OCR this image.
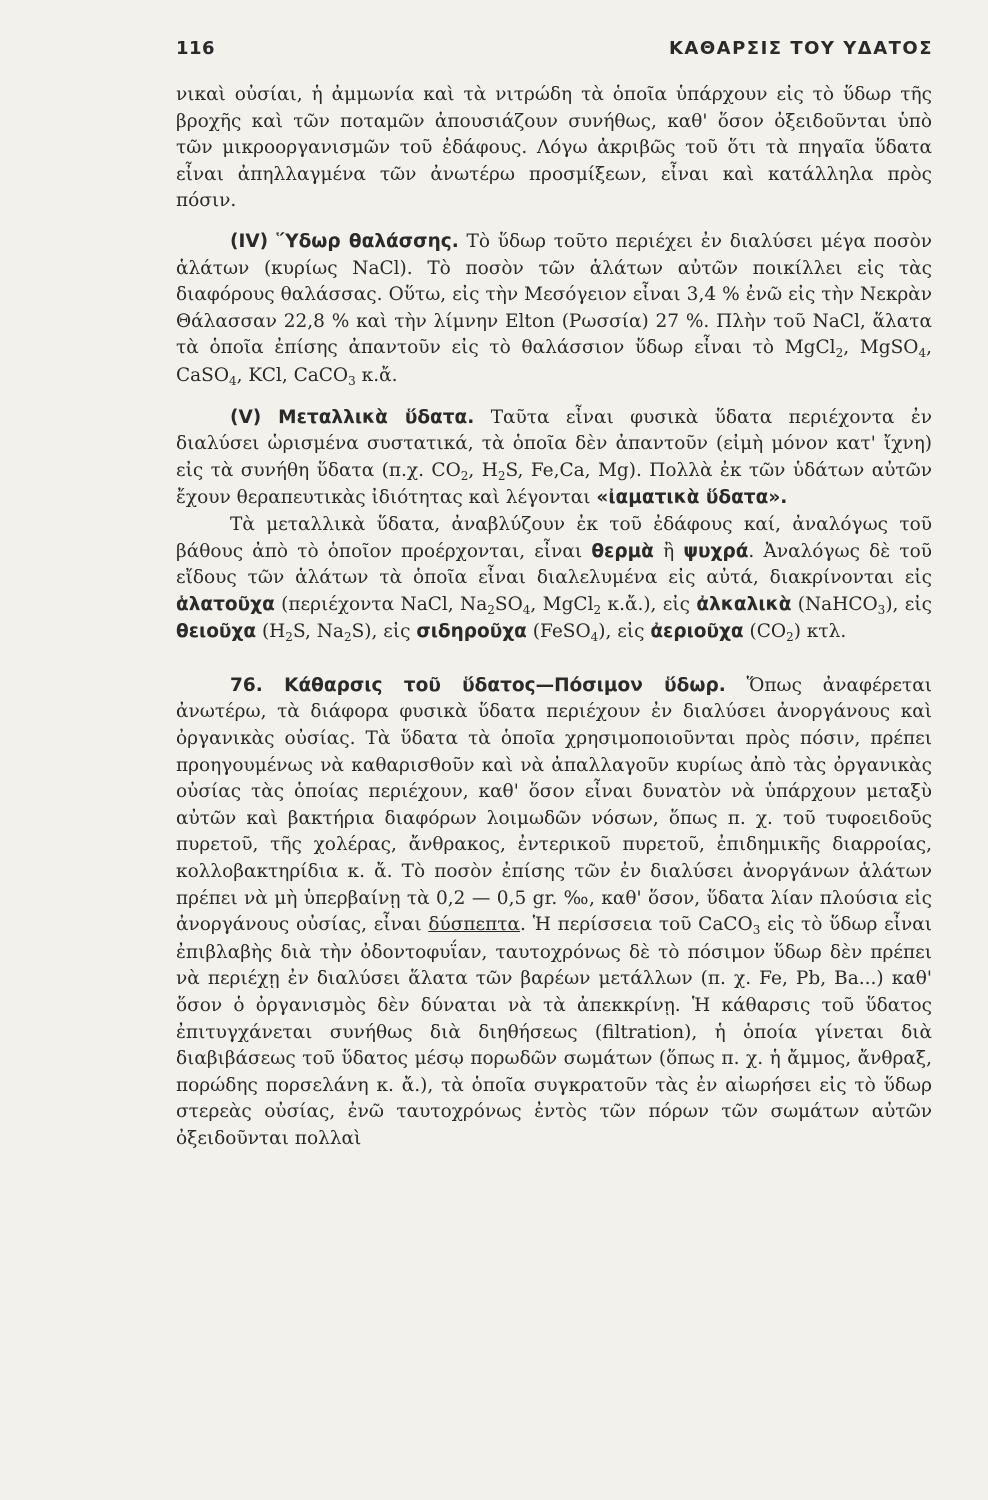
116	ΚΑΘΑΡΣΙΣ ΤΟΥ ΥΔΑΤΟΣ

νικαὶ οὐσίαι, ἡ ἀμμωνία καὶ τὰ νιτρώδη τὰ ὁποῖα ὑπάρχουν εἰς τὸ ὕδωρ τῆς βροχῆς καὶ τῶν ποταμῶν ἀπουσιάζουν συνήθως, καθ' ὅσον ὀξειδοῦνται ὑπὸ τῶν μικροοργανισμῶν τοῦ ἐδάφους. Λόγω ἀκριβῶς τοῦ ὅτι τὰ πηγαῖα ὕδατα εἶναι ἀπηλλαγμένα τῶν ἀνωτέρω προσμίξεων, εἶναι καὶ κατάλληλα πρὸς πόσιν.

(IV) Ὕδωρ θαλάσσης. Τὸ ὕδωρ τοῦτο περιέχει ἐν διαλύσει μέγα ποσὸν ἁλάτων (κυρίως NaCl). Τὸ ποσὸν τῶν ἁλάτων αὐτῶν ποικίλλει εἰς τὰς διαφόρους θαλάσσας. Οὕτω, εἰς τὴν Μεσόγειον εἶναι 3,4 % ἐνῶ εἰς τὴν Νεκρὰν Θάλασσαν 22,8 % καὶ τὴν λίμνην Elton (Ρωσσία) 27 %. Πλὴν τοῦ NaCl, ἅλατα τὰ ὁποῖα ἐπίσης ἀπαντοῦν εἰς τὸ θαλάσσιον ὕδωρ εἶναι τὸ MgCl$_2$, MgSO$_4$, CaSO$_4$, KCl, CaCO$_3$ κ.ἄ.

(V) Μεταλλικὰ ὕδατα. Ταῦτα εἶναι φυσικὰ ὕδατα περιέχοντα ἐν διαλύσει ὡρισμένα συστατικά, τὰ ὁποῖα δὲν ἀπαντοῦν (εἰμὴ μόνον κατ' ἴχνη) εἰς τὰ συνήθη ὕδατα (π.χ. $CO_2$, $H_2S$, Fe,Ca, Mg). Πολλὰ ἐκ τῶν ὑδάτων αὐτῶν ἔχουν θεραπευτικὰς ἰδιότητας καὶ λέγονται «ἰαματικὰ ὕδατα».

Τὰ μεταλλικὰ ὕδατα, ἀναβλύζουν ἐκ τοῦ ἐδάφους καί, ἀναλόγως τοῦ βάθους ἀπὸ τὸ ὁποῖον προέρχονται, εἶναι θερμὰ ἢ ψυχρά. Ἀναλόγως δὲ τοῦ εἴδους τῶν ἁλάτων τὰ ὁποῖα εἶναι διαλελυμένα εἰς αὐτά, διακρίνονται εἰς ἁλατοῦχα (περιέχοντα NaCl, $Na_2SO_4$, MgCl$_2$ κ.ἄ.), εἰς ἀλκαλικὰ (NaHCO$_3$), εἰς θειοῦχα ($H_2S$, $Na_2S$), εἰς σιδηροῦχα (FeSO$_4$), εἰς ἀεριοῦχα $(CO_2)$ κτλ.

76. Κάθαρσις τοῦ ὕδατος—Πόσιμον ὕδωρ. Ὅπως ἀναφέρεται ἀνωτέρω, τὰ διάφορα φυσικὰ ὕδατα περιέχουν ἐν διαλύσει ἀνοργάνους καὶ ὀργανικὰς οὐσίας. Τὰ ὕδατα τὰ ὁποῖα χρησιμοποιοῦνται πρὸς πόσιν, πρέπει προηγουμένως νὰ καθαρισθοῦν καὶ νὰ ἀπαλλαγοῦν κυρίως ἀπὸ τὰς ὀργανικὰς οὐσίας τὰς ὁποίας περιέχουν, καθ' ὅσον εἶναι δυνατὸν νὰ ὑπάρχουν μεταξὺ αὐτῶν καὶ βακτήρια διαφόρων λοιμωδῶν νόσων, ὅπως π. χ. τοῦ τυφοειδοῦς πυρετοῦ, τῆς χολέρας, ἄνθρακος, ἐντερικοῦ πυρετοῦ, ἐπιδημικῆς διαρροίας, κολλοβακτηρίδια κ. ἄ. Τὸ ποσὸν ἐπίσης τῶν ἐν διαλύσει ἀνοργάνων ἁλάτων πρέπει νὰ μὴ ὑπερβαίνῃ τὰ 0,2 — 0,5 gr. ‰, καθ' ὅσον, ὕδατα λίαν πλούσια εἰς ἀνοργάνους οὐσίας, εἶναι δύσπεπτα. Ἡ περίσσεια τοῦ CaCO$_3$ εἰς τὸ ὕδωρ εἶναι ἐπιβλαβὴς διὰ τὴν ὀδοντοφυΐαν, ταυτοχρόνως δὲ τὸ πόσιμον ὕδωρ δὲν πρέπει νὰ περιέχῃ ἐν διαλύσει ἅλατα τῶν βαρέων μετάλλων (π. χ. Fe, Pb, Ba...) καθ' ὅσον ὁ ὀργανισμὸς δὲν δύναται νὰ τὰ ἀπεκκρίνῃ. Ἡ κάθαρσις τοῦ ὕδατος ἐπιτυγχάνεται συνήθως διὰ διηθήσεως (filtration), ἡ ὁποία γίνεται διὰ διαβιβάσεως τοῦ ὕδατος μέσῳ πορωδῶν σωμάτων (ὅπως π. χ. ἡ ἄμμος, ἄνθραξ, πορώδης πορσελάνη κ. ἄ.), τὰ ὁποῖα συγκρατοῦν τὰς ἐν αἰωρήσει εἰς τὸ ὕδωρ στερεὰς οὐσίας, ἐνῶ ταυτοχρόνως ἐντὸς τῶν πόρων τῶν σωμάτων αὐτῶν ὀξειδοῦνται πολλαὶ
